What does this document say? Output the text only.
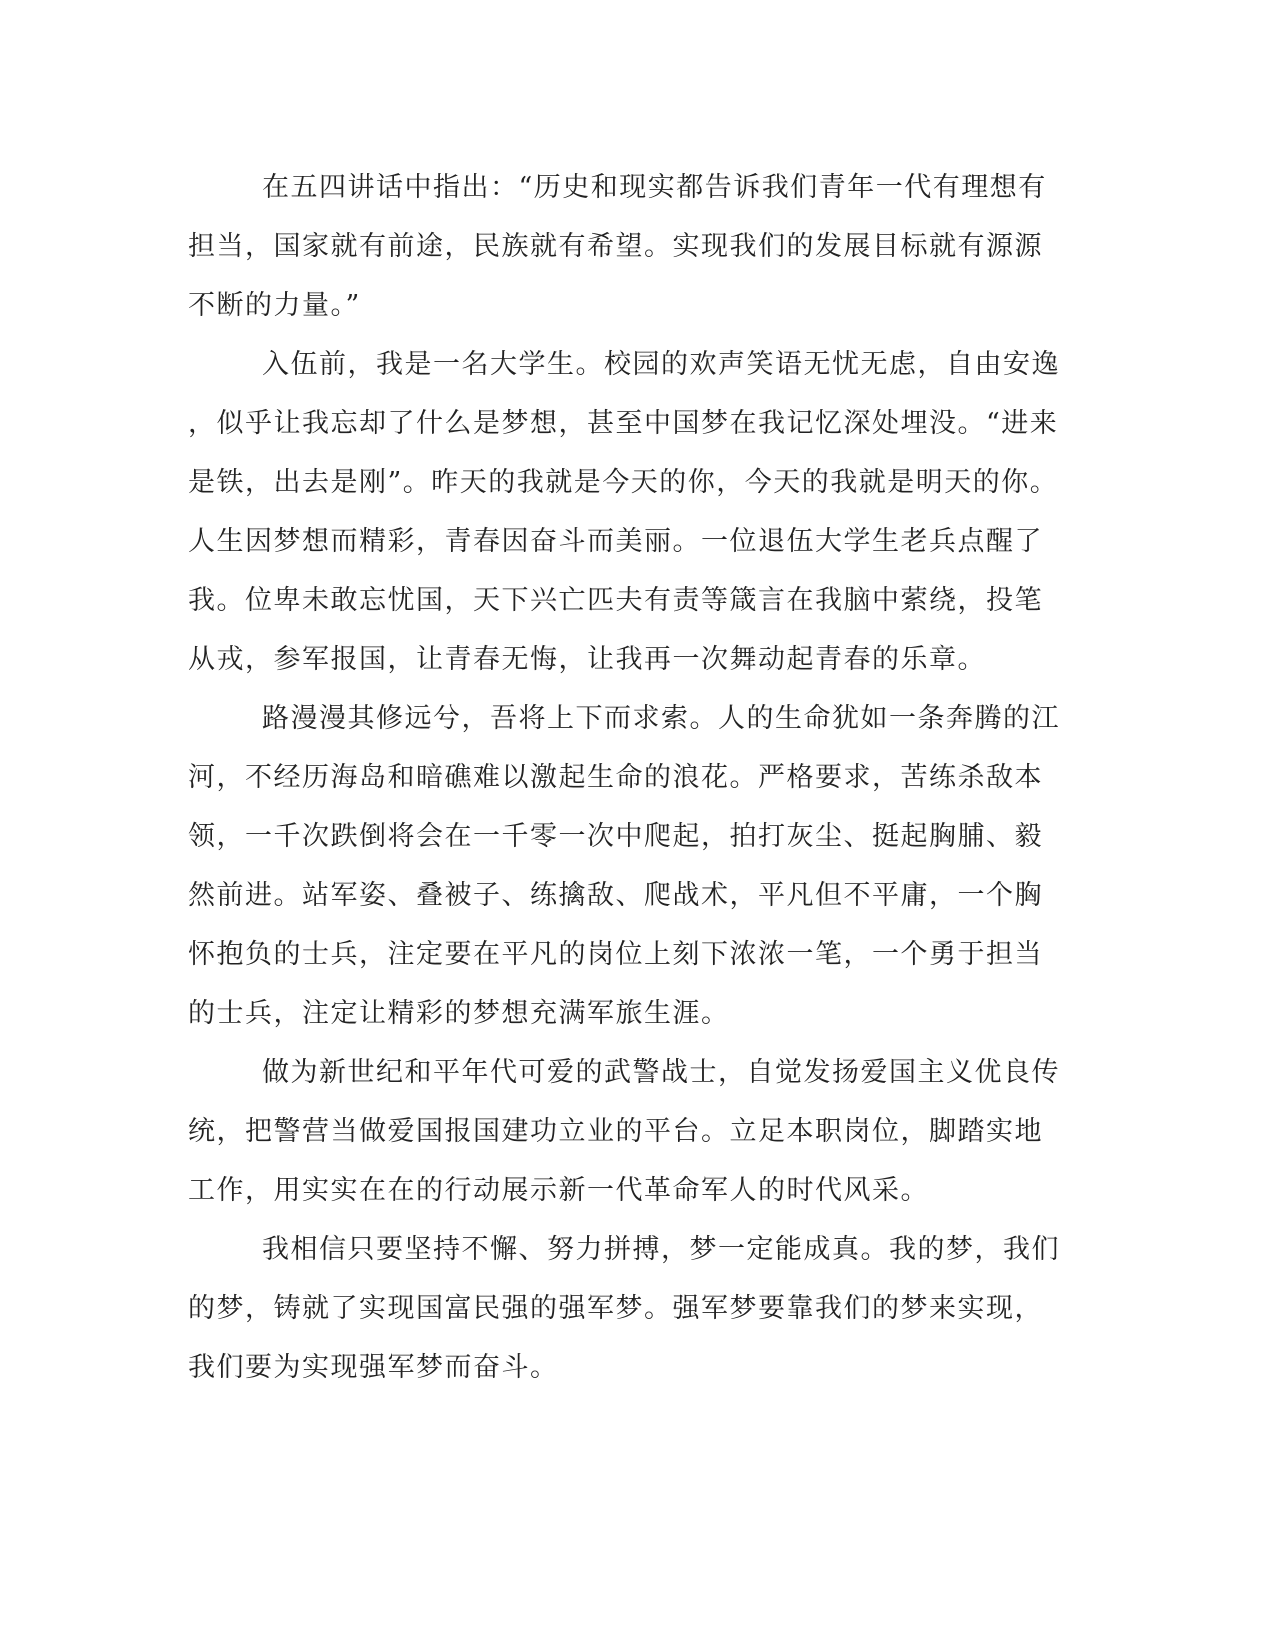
在五四讲话中指出：“历史和现实都告诉我们青年一代有理想有
担当，国家就有前途，民族就有希望。实现我们的发展目标就有源源
不断的力量。”

入伍前，我是一名大学生。校园的欢声笑语无忧无虑，自由安逸
，似乎让我忘却了什么是梦想，甚至中国梦在我记忆深处埋没。“进来
是铁，出去是刚”。昨天的我就是今天的你，今天的我就是明天的你。
人生因梦想而精彩，青春因奋斗而美丽。一位退伍大学生老兵点醒了
我。位卑未敢忘忧国，天下兴亡匹夫有责等箴言在我脑中萦绕，投笔
从戎，参军报国，让青春无悔，让我再一次舞动起青春的乐章。

路漫漫其修远兮，吾将上下而求索。人的生命犹如一条奔腾的江
河，不经历海岛和暗礁难以激起生命的浪花。严格要求，苦练杀敌本
领，一千次跌倒将会在一千零一次中爬起，拍打灰尘、挺起胸脯、毅
然前进。站军姿、叠被子、练擒敌、爬战术，平凡但不平庸，一个胸
怀抱负的士兵，注定要在平凡的岗位上刻下浓浓一笔，一个勇于担当
的士兵，注定让精彩的梦想充满军旅生涯。

做为新世纪和平年代可爱的武警战士，自觉发扬爱国主义优良传
统，把警营当做爱国报国建功立业的平台。立足本职岗位，脚踏实地
工作，用实实在在的行动展示新一代革命军人的时代风采。

我相信只要坚持不懈、努力拼搏，梦一定能成真。我的梦，我们
的梦，铸就了实现国富民强的强军梦。强军梦要靠我们的梦来实现，
我们要为实现强军梦而奋斗。
